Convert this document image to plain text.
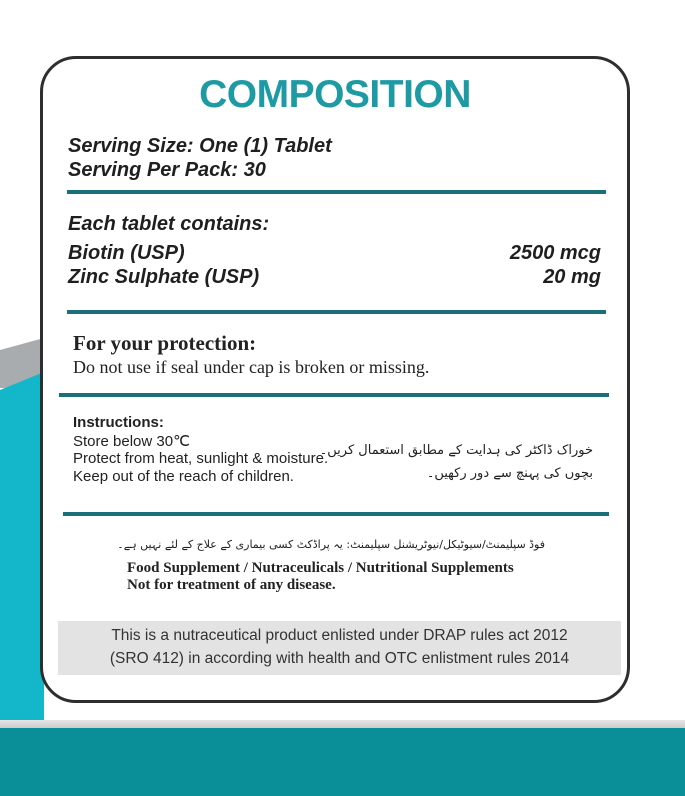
COMPOSITION
Serving Size: One (1) Tablet
Serving Per Pack: 30
Each tablet contains:
Biotin (USP)	2500 mcg
Zinc Sulphate (USP)	20 mg
For your protection:
Do not use if seal under cap is broken or missing.
Instructions:
Store below 30℃
Protect from heat, sunlight & moisture.
Keep out of the reach of children.
خوراک ڈاکٹر کی ہدایت کے مطابق استعمال کریں۔
بچوں کی پہنچ سے دور رکھیں۔
فوڈ سپلیمنٹ/سیوٹیکل/نیوٹریشنل سپلیمنٹ: یہ پراڈکٹ کسی بیماری کے علاج کے لئے نہیں ہے۔
Food Supplement / Nutraceulicals / Nutritional Supplements
Not for treatment of any disease.
This is a nutraceutical product enlisted under DRAP rules act 2012
(SRO 412) in according with health and OTC enlistment rules 2014
